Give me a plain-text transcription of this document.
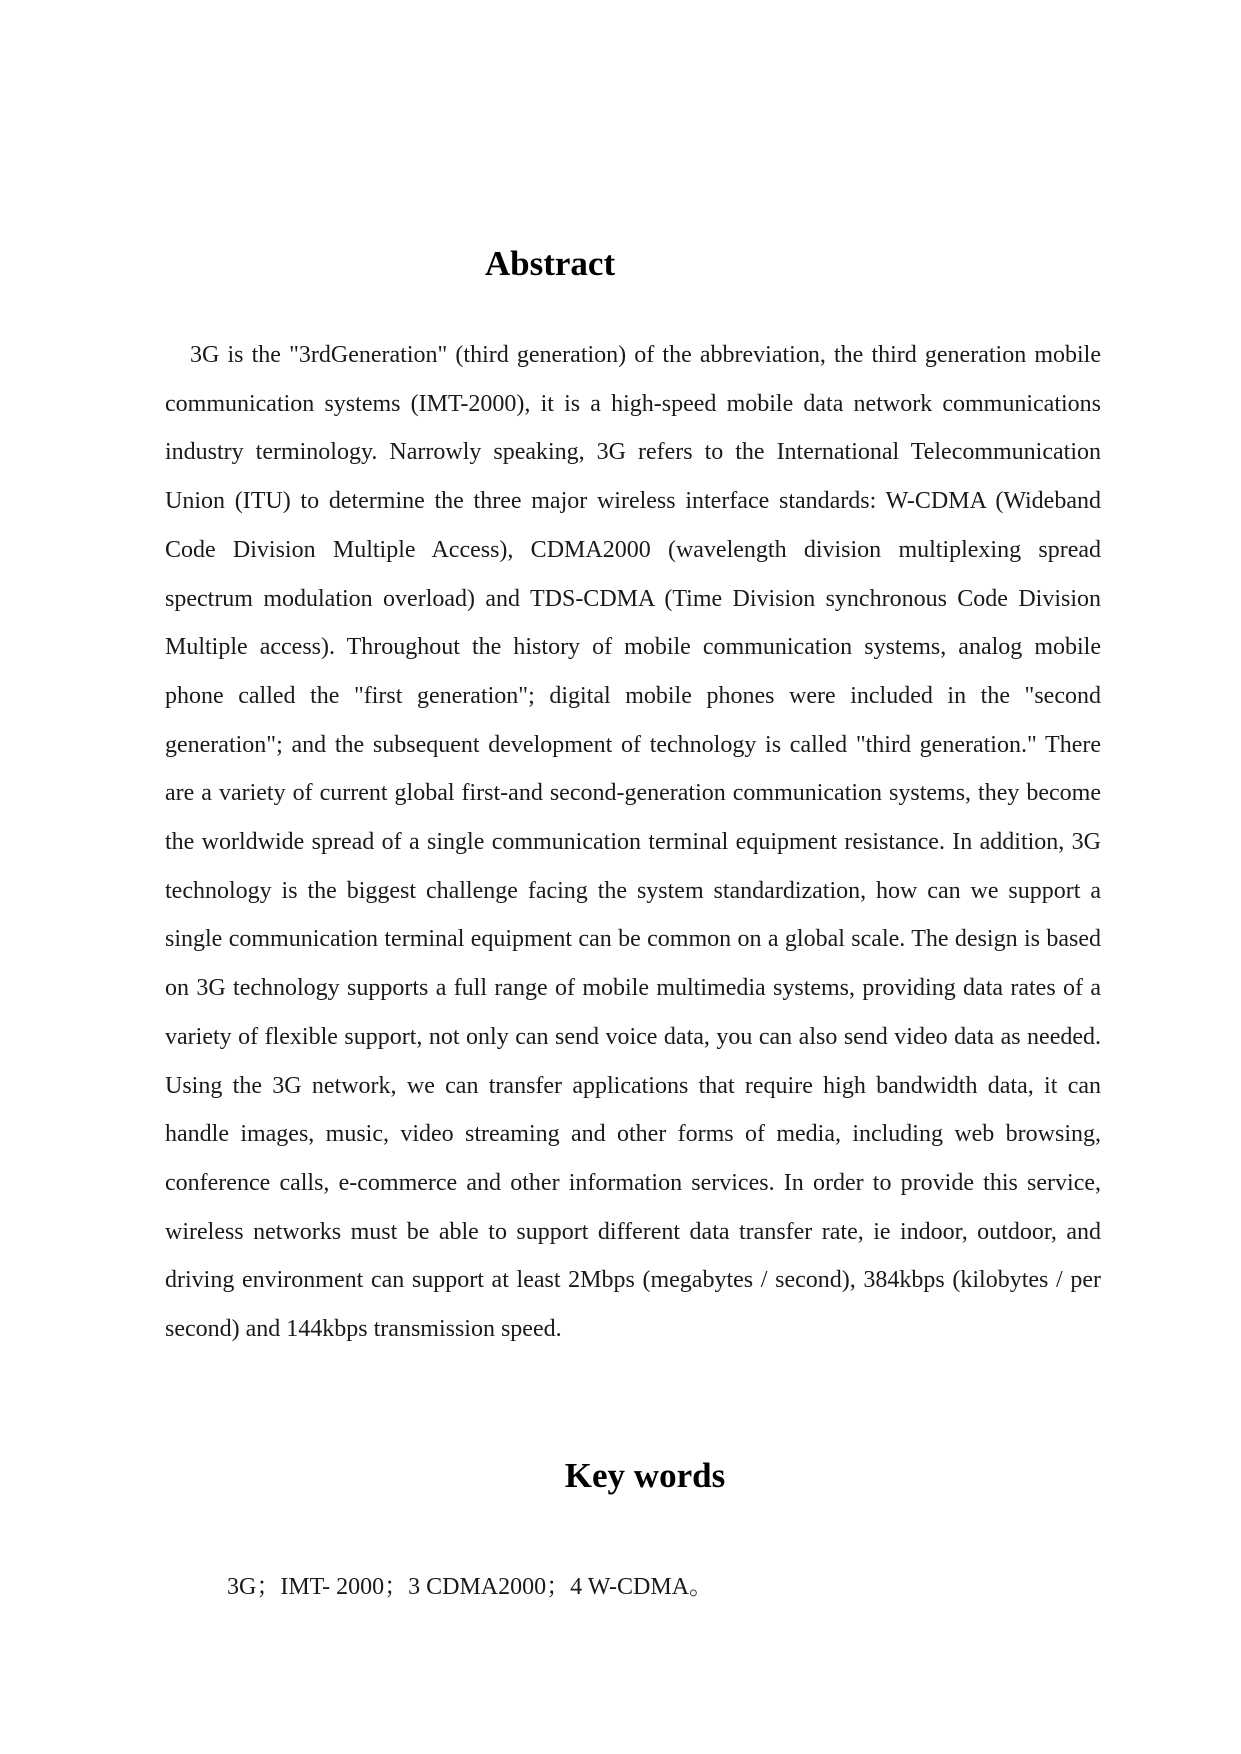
Abstract

3G is the "3rdGeneration" (third generation) of the abbreviation, the third generation mobile communication systems (IMT-2000), it is a high-speed mobile data network communications industry terminology. Narrowly speaking, 3G refers to the International Telecommunication Union (ITU) to determine the three major wireless interface standards: W-CDMA (Wideband Code Division Multiple Access), CDMA2000 (wavelength division multiplexing spread spectrum modulation overload) and TDS-CDMA (Time Division synchronous Code Division Multiple access). Throughout the history of mobile communication systems, analog mobile phone called the "first generation"; digital mobile phones were included in the "second generation"; and the subsequent development of technology is called "third generation." There are a variety of current global first-and second-generation communication systems, they become the worldwide spread of a single communication terminal equipment resistance. In addition, 3G technology is the biggest challenge facing the system standardization, how can we support a single communication terminal equipment can be common on a global scale. The design is based on 3G technology supports a full range of mobile multimedia systems, providing data rates of a variety of flexible support, not only can send voice data, you can also send video data as needed. Using the 3G network, we can transfer applications that require high bandwidth data, it can handle images, music, video streaming and other forms of media, including web browsing, conference calls, e-commerce and other information services. In order to provide this service, wireless networks must be able to support different data transfer rate, ie indoor, outdoor, and driving environment can support at least 2Mbps (megabytes / second), 384kbps (kilobytes / per second) and 144kbps transmission speed.

Key words

3G；IMT- 2000；3 CDMA2000；4 W-CDMA。
